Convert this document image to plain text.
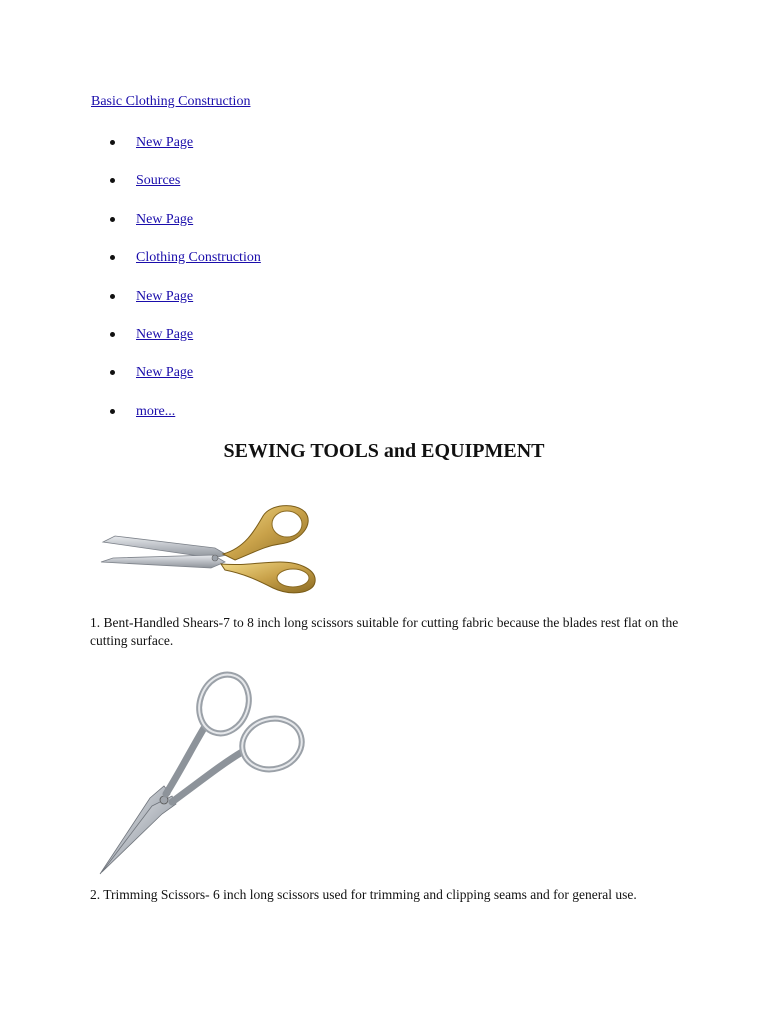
Basic Clothing Construction
New Page
Sources
New Page
Clothing Construction
New Page
New Page
New Page
more...
SEWING TOOLS and EQUIPMENT

1. Bent-Handled Shears-7 to 8 inch long scissors suitable for cutting fabric because the blades rest flat on the cutting surface.

2. Trimming Scissors- 6 inch long scissors used for trimming and clipping seams and for general use.
